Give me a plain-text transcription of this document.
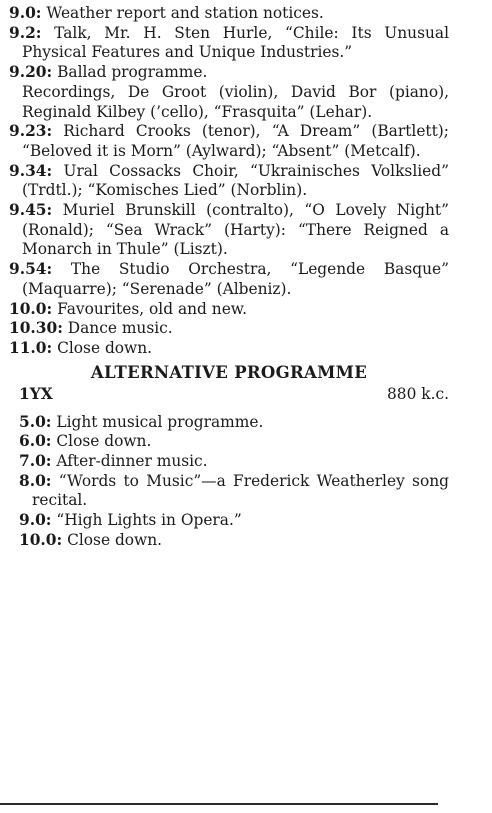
9.0: Weather report and station notices.

9.2: Talk, Mr. H. Sten Hurle, “Chile: Its Unusual Physical Features and Unique Industries.”

9.20: Ballad programme.

Recordings, De Groot (violin), David Bor (piano), Reginald Kilbey (’cello), “Frasquita” (Lehar).

9.23: Richard Crooks (tenor), “A Dream” (Bartlett); “Beloved it is Morn” (Aylward); “Absent” (Metcalf).

9.34: Ural Cossacks Choir, “Ukrainisches Volkslied” (Trdtl.); “Komisches Lied” (Norblin).

9.45: Muriel Brunskill (contralto), “O Lovely Night” (Ronald); “Sea Wrack” (Harty): “There Reigned a Monarch in Thule” (Liszt).

9.54: The Studio Orchestra, “Legende Basque” (Maquarre); “Serenade” (Albeniz).

10.0: Favourites, old and new.

10.30: Dance music.

11.0: Close down.

ALTERNATIVE PROGRAMME
1YX	880 k.c.

5.0: Light musical programme.

6.0: Close down.

7.0: After-dinner music.

8.0: “Words to Music”—a Frederick Weatherley song recital.

9.0: “High Lights in Opera.”

10.0: Close down.
